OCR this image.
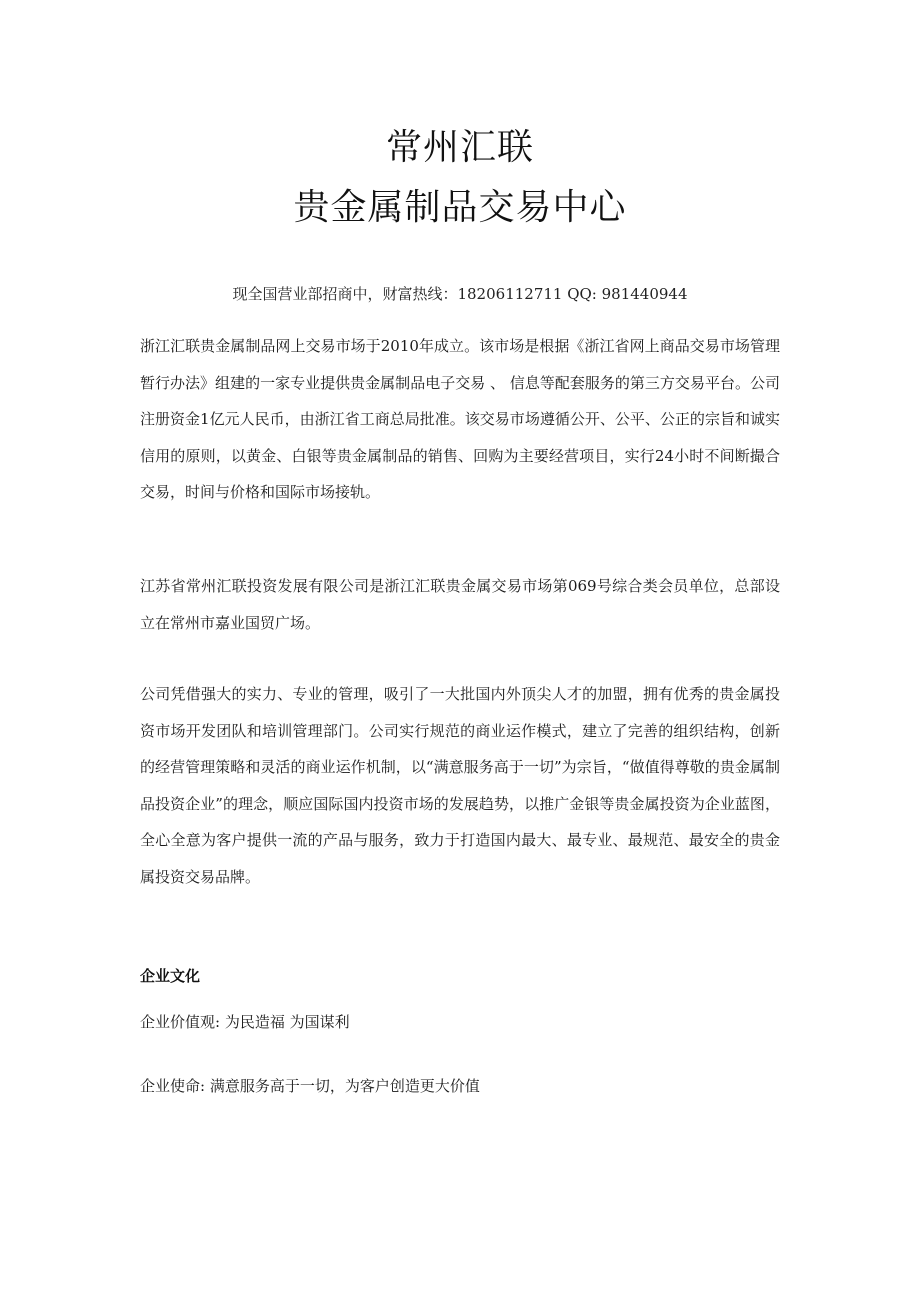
常州汇联
贵金属制品交易中心
现全国营业部招商中，财富热线：18206112711 QQ: 981440944

浙江汇联贵金属制品网上交易市场于2010年成立。该市场是根据《浙江省网上商品交易市场管理暂行办法》组建的一家专业提供贵金属制品电子交易 、 信息等配套服务的第三方交易平台。公司注册资金1亿元人民币，由浙江省工商总局批准。该交易市场遵循公开、公平、公正的宗旨和诚实信用的原则，以黄金、白银等贵金属制品的销售、回购为主要经营项目，实行24小时不间断撮合交易，时间与价格和国际市场接轨。

江苏省常州汇联投资发展有限公司是浙江汇联贵金属交易市场第069号综合类会员单位，总部设立在常州市嘉业国贸广场。

公司凭借强大的实力、专业的管理，吸引了一大批国内外顶尖人才的加盟，拥有优秀的贵金属投资市场开发团队和培训管理部门。公司实行规范的商业运作模式，建立了完善的组织结构，创新的经营管理策略和灵活的商业运作机制，以“满意服务高于一切”为宗旨，“做值得尊敬的贵金属制品投资企业”的理念，顺应国际国内投资市场的发展趋势，以推广金银等贵金属投资为企业蓝图，全心全意为客户提供一流的产品与服务，致力于打造国内最大、最专业、最规范、最安全的贵金属投资交易品牌。

企业文化
企业价值观: 为民造福 为国谋利
企业使命: 满意服务高于一切，为客户创造更大价值
